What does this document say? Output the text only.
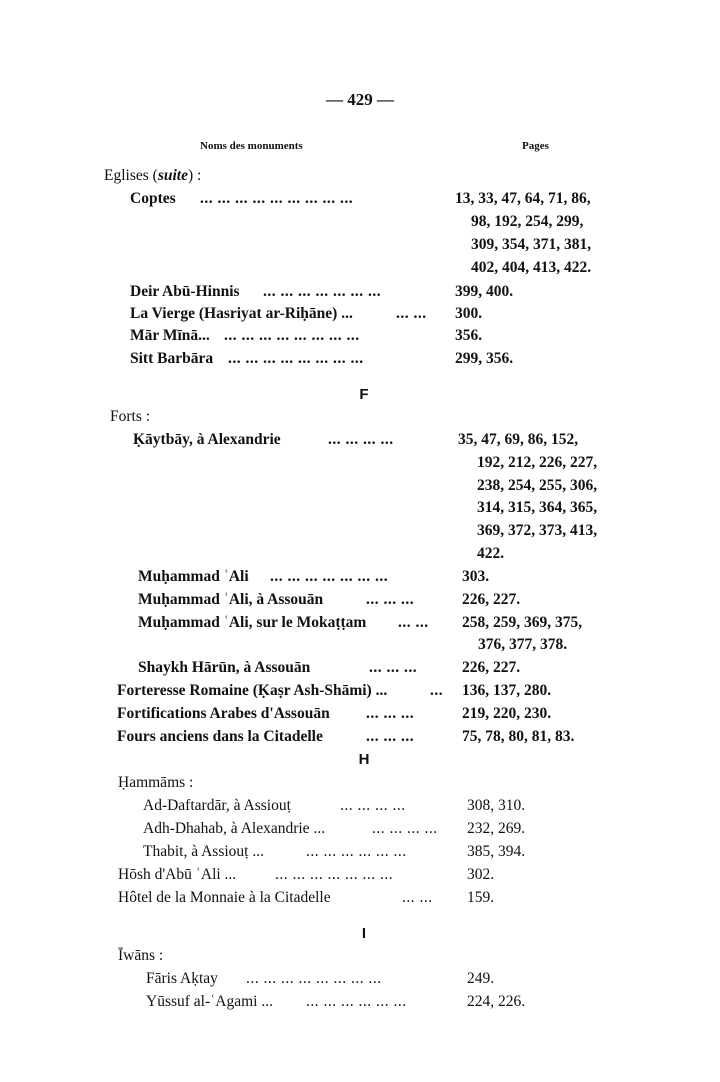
— 429 —
Noms des monuments	Pages
Eglises (suite) :
Coptes ... ... ... ... ... ... ... ... ...	13, 33, 47, 64, 71, 86,
98, 192, 254, 299,
309, 354, 371, 381,
402, 404, 413, 422.
Deir Abū-Hinnis ... ... ... ... ... ... ...	399, 400.
La Vierge (Hasriyat ar-Riḥāne) ...	... ... 300.
Mār Mīnā... ... ... ... ... ... ... ... ...	356.
Sitt Barbāra ... ... ... ... ... ... ... ...	299, 356.
F
Forts :
Ḳāytbāy, à Alexandrie	... ... ... ...	35, 47, 69, 86, 152,
192, 212, 226, 227,
238, 254, 255, 306,
314, 315, 364, 365,
369, 372, 373, 413,
422.
Muḥammad ʿAli ... ... ... ... ... ... ...	303.
Muḥammad ʿAli, à Assouān	... ... ...	226, 227.
Muḥammad ʿAli, sur le Mokaṭṭam ... ... 258, 259, 369, 375,
376, 377, 378.
Shaykh Hārūn, à Assouān	... ... ...	226, 227.
Forteresse Romaine (Ḳaṣr Ash-Shāmi) ...	... 136, 137, 280.
Fortifications Arabes d'Assouān ... ... ...	219, 220, 230.
Fours anciens dans la Citadelle	... ... ...	75, 78, 80, 81, 83.
H
Ḥammāms :
Ad-Daftardār, à Assiouṭ	... ... ... ...	308, 310.
Adh-Dhahab, à Alexandrie ...	... ... ... ... 232, 269.
Thabit, à Assiouṭ ...	... ... ... ... ... ...	385, 394.
Hōsh d'Abū ʿAli ...	... ... ... ... ... ... ...	302.
Hôtel de la Monnaie à la Citadelle	... ... 159.
I
Īwāns :
Fāris Aḳtay ... ... ... ... ... ... ... ...	249.
Yūssuf al-ʿAgami ... ... ... ... ... ... ...	224, 226.
